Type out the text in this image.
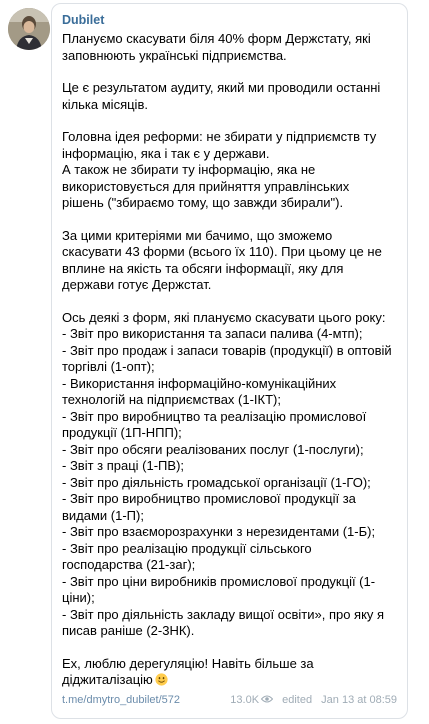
Dubilet
Плануємо скасувати біля 40% форм Держстату, які
заповнюють українські підприємства.
Це є результатом аудиту, який ми проводили останні
кілька місяців.
Головна ідея реформи: не збирати у підприємств ту
інформацію, яка і так є у держави.
А також не збирати ту інформацію, яка не
використовується для прийняття управлінських
рішень ("збираємо тому, що завжди збирали").
За цими критеріями ми бачимо, що зможемо
скасувати 43 форми (всього їх 110). При цьому це не
вплине на якість та обсяги інформації, яку для
держави готує Держстат.
Ось деякі з форм, які плануємо скасувати цього року:
- Звіт про використання та запаси палива (4-мтп);
- Звіт про продаж і запаси товарів (продукції) в оптовій
торгівлі (1-опт);
- Використання інформаційно-комунікаційних
технологій на підприємствах (1-ІКТ);
- Звіт про виробництво та реалізацію промислової
продукції (1П-НПП);
- Звіт про обсяги реалізованих послуг (1-послуги);
- Звіт з праці (1-ПВ);
- Звіт про діяльність громадської організації (1-ГО);
- Звіт про виробництво промислової продукції за
видами (1-П);
- Звіт про взаєморозрахунки з нерезидентами (1-Б);
- Звіт про реалізацію продукції сільського
господарства (21-заг);
- Звіт про ціни виробників промислової продукції (1-
ціни);
- Звіт про діяльність закладу вищої освіти», про яку я
писав раніше (2-3НК).
Ех, люблю дерегуляцію! Навіть більше за
діджиталізацію
t.me/dmytro_dubilet/572	13.0K edited Jan 13 at 08:59
